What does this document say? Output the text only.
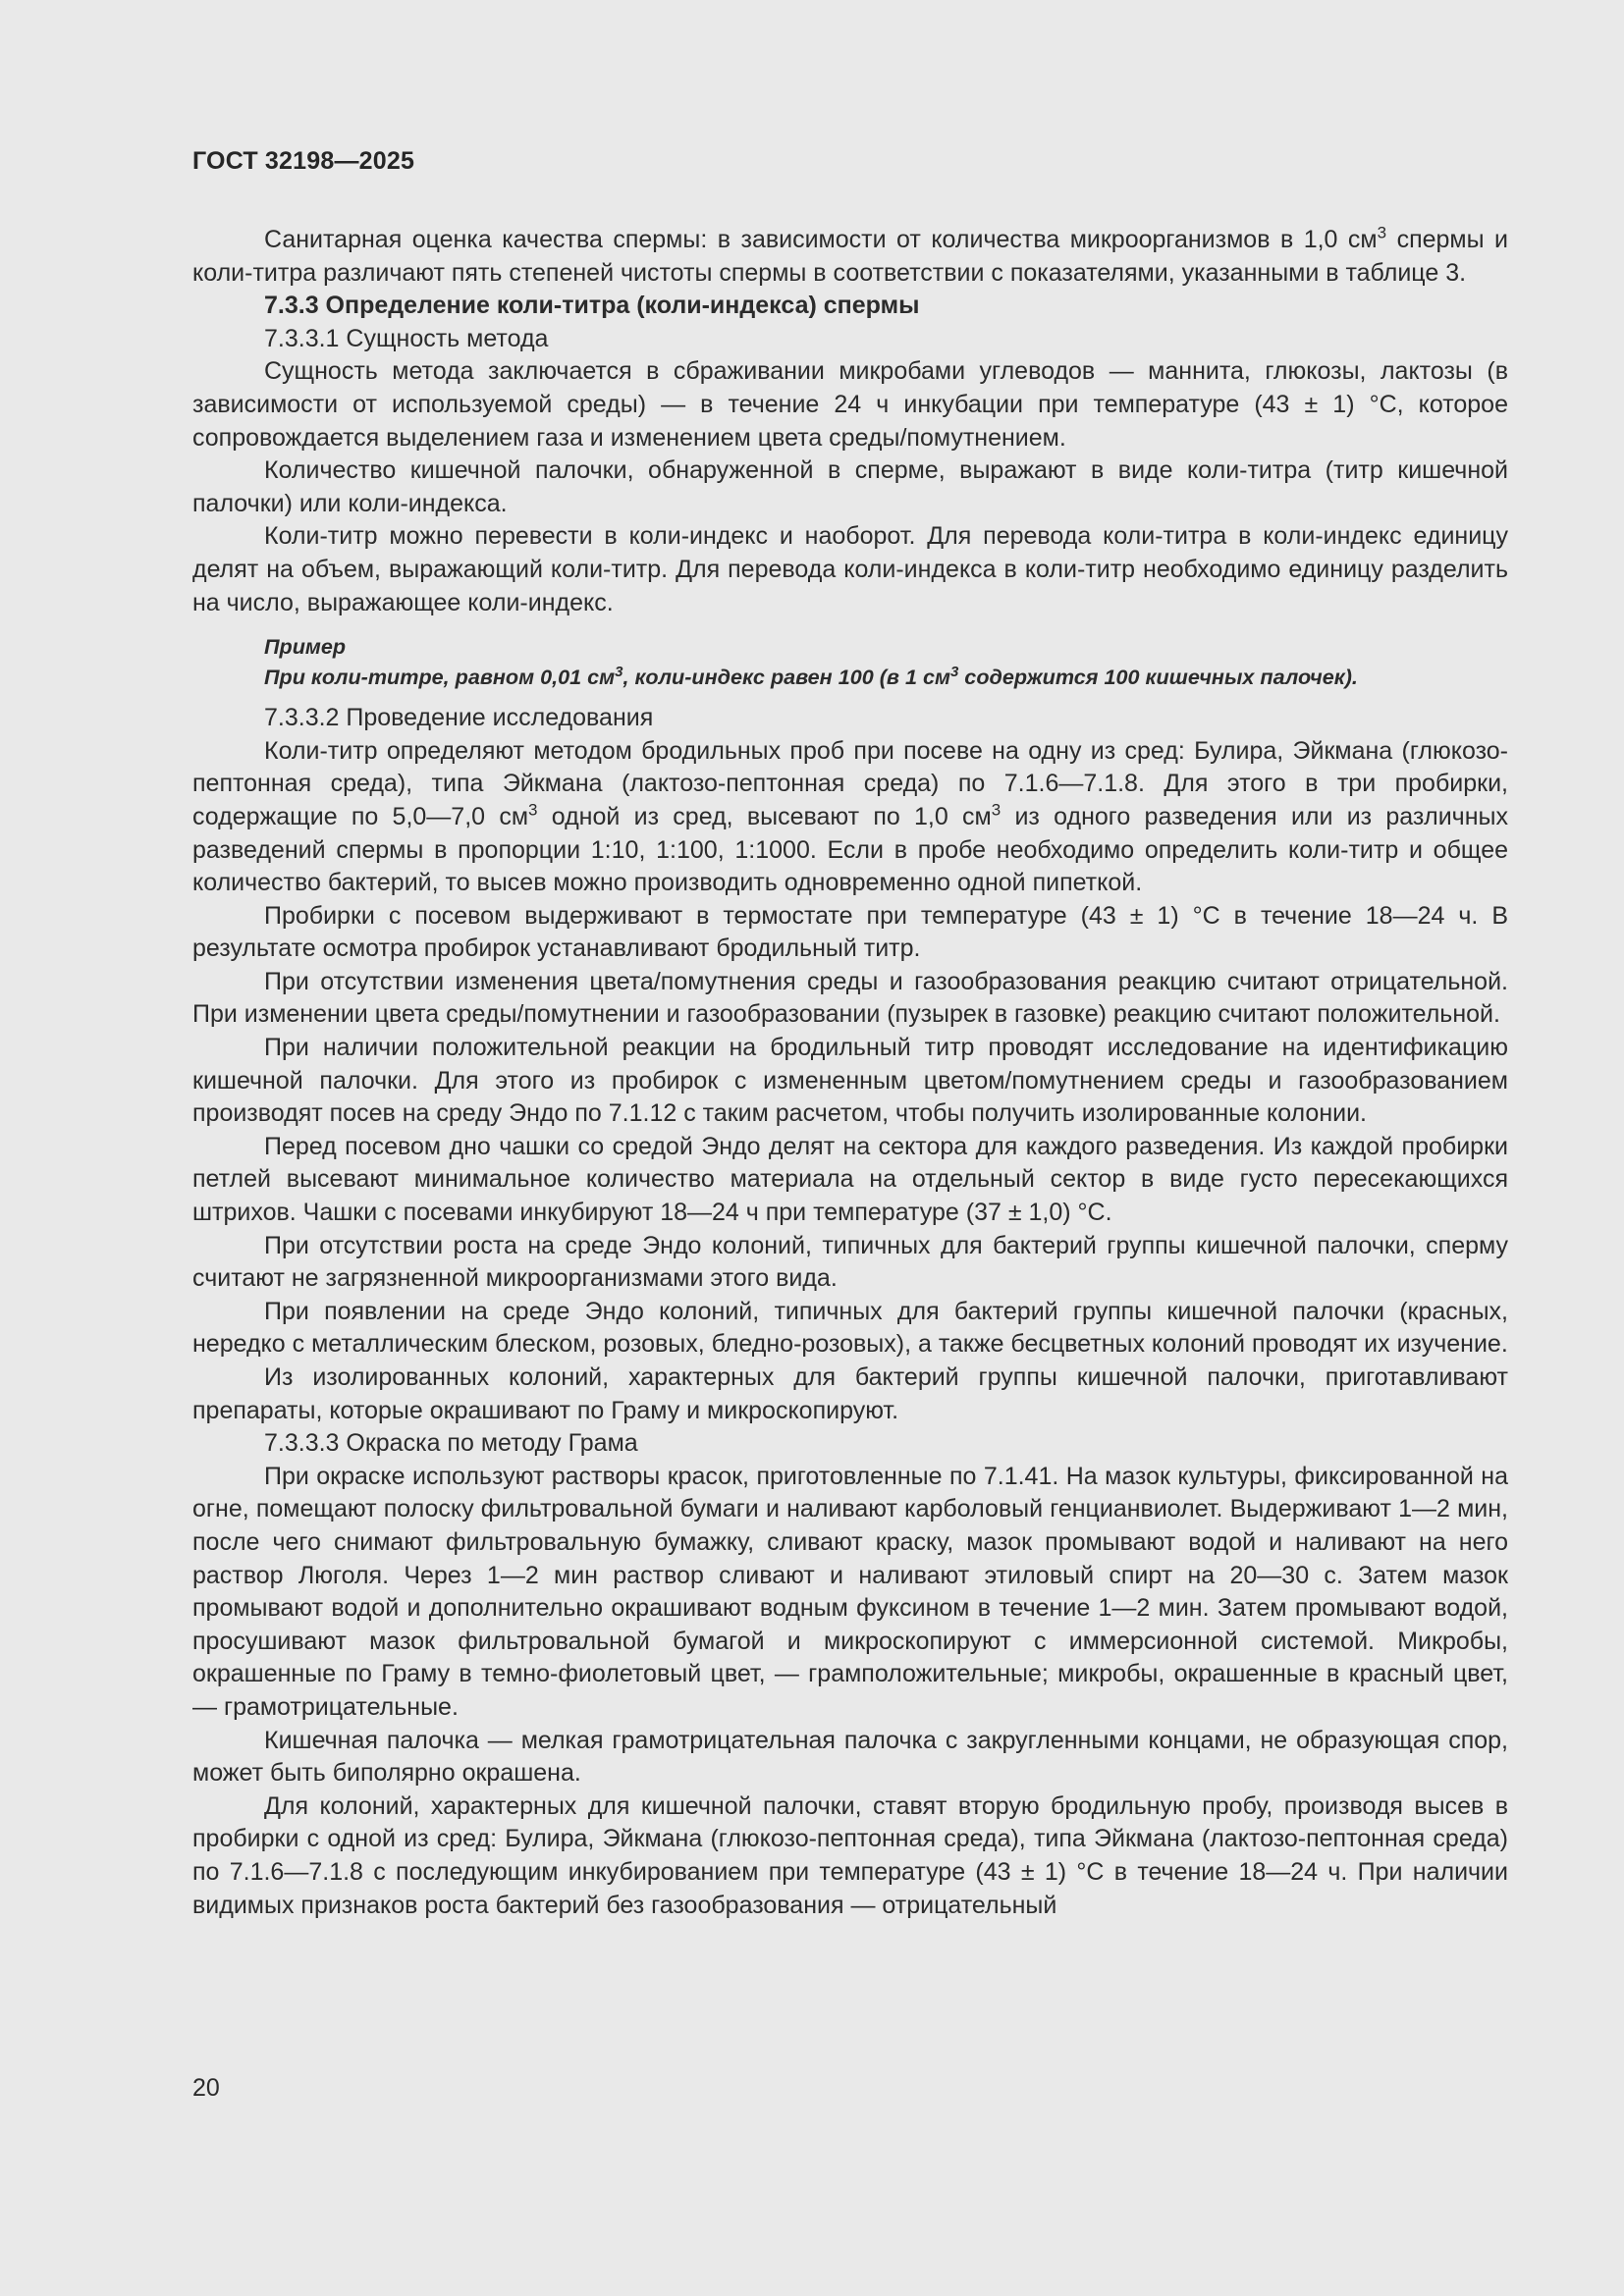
ГОСТ 32198—2025

Санитарная оценка качества спермы: в зависимости от количества микроорганизмов в 1,0 $см^3$ спермы и коли-титра различают пять степеней чистоты спермы в соответствии с показателями, указанными в таблице 3.

7.3.3 Определение коли-титра (коли-индекса) спермы

7.3.3.1 Сущность метода

Сущность метода заключается в сбраживании микробами углеводов — маннита, глюкозы, лактозы (в зависимости от используемой среды) — в течение 24 ч инкубации при температуре (43 ± 1) °C, которое сопровождается выделением газа и изменением цвета среды/помутнением.

Количество кишечной палочки, обнаруженной в сперме, выражают в виде коли-титра (титр кишечной палочки) или коли-индекса.

Коли-титр можно перевести в коли-индекс и наоборот. Для перевода коли-титра в коли-индекс единицу делят на объем, выражающий коли-титр. Для перевода коли-индекса в коли-титр необходимо единицу разделить на число, выражающее коли-индекс.

Пример
При коли-титре, равном 0,01 $см^3$, коли-индекс равен 100 (в 1 $см^3$ содержится 100 кишечных палочек).

7.3.3.2 Проведение исследования

Коли-титр определяют методом бродильных проб при посеве на одну из сред: Булира, Эйкмана (глюкозо-пептонная среда), типа Эйкмана (лактозо-пептонная среда) по 7.1.6—7.1.8. Для этого в три пробирки, содержащие по 5,0—7,0 $см^3$ одной из сред, высевают по 1,0 $см^3$ из одного разведения или из различных разведений спермы в пропорции 1:10, 1:100, 1:1000. Если в пробе необходимо определить коли-титр и общее количество бактерий, то высев можно производить одновременно одной пипеткой.

Пробирки с посевом выдерживают в термостате при температуре (43 ± 1) °C в течение 18—24 ч. В результате осмотра пробирок устанавливают бродильный титр.

При отсутствии изменения цвета/помутнения среды и газообразования реакцию считают отрицательной. При изменении цвета среды/помутнении и газообразовании (пузырек в газовке) реакцию считают положительной.

При наличии положительной реакции на бродильный титр проводят исследование на идентификацию кишечной палочки. Для этого из пробирок с измененным цветом/помутнением среды и газообразованием производят посев на среду Эндо по 7.1.12 с таким расчетом, чтобы получить изолированные колонии.

Перед посевом дно чашки со средой Эндо делят на сектора для каждого разведения. Из каждой пробирки петлей высевают минимальное количество материала на отдельный сектор в виде густо пересекающихся штрихов. Чашки с посевами инкубируют 18—24 ч при температуре (37 ± 1,0) °C.

При отсутствии роста на среде Эндо колоний, типичных для бактерий группы кишечной палочки, сперму считают не загрязненной микроорганизмами этого вида.

При появлении на среде Эндо колоний, типичных для бактерий группы кишечной палочки (красных, нередко с металлическим блеском, розовых, бледно-розовых), а также бесцветных колоний проводят их изучение.

Из изолированных колоний, характерных для бактерий группы кишечной палочки, приготавливают препараты, которые окрашивают по Граму и микроскопируют.

7.3.3.3 Окраска по методу Грама

При окраске используют растворы красок, приготовленные по 7.1.41. На мазок культуры, фиксированной на огне, помещают полоску фильтровальной бумаги и наливают карболовый генцианвиолет. Выдерживают 1—2 мин, после чего снимают фильтровальную бумажку, сливают краску, мазок промывают водой и наливают на него раствор Люголя. Через 1—2 мин раствор сливают и наливают этиловый спирт на 20—30 с. Затем мазок промывают водой и дополнительно окрашивают водным фуксином в течение 1—2 мин. Затем промывают водой, просушивают мазок фильтровальной бумагой и микроскопируют с иммерсионной системой. Микробы, окрашенные по Граму в темно-фиолетовый цвет, — грамположительные; микробы, окрашенные в красный цвет, — грамотрицательные.

Кишечная палочка — мелкая грамотрицательная палочка с закругленными концами, не образующая спор, может быть биполярно окрашена.

Для колоний, характерных для кишечной палочки, ставят вторую бродильную пробу, производя высев в пробирки с одной из сред: Булира, Эйкмана (глюкозо-пептонная среда), типа Эйкмана (лактозо-пептонная среда) по 7.1.6—7.1.8 с последующим инкубированием при температуре (43 ± 1) °C в течение 18—24 ч. При наличии видимых признаков роста бактерий без газообразования — отрицательный

20
